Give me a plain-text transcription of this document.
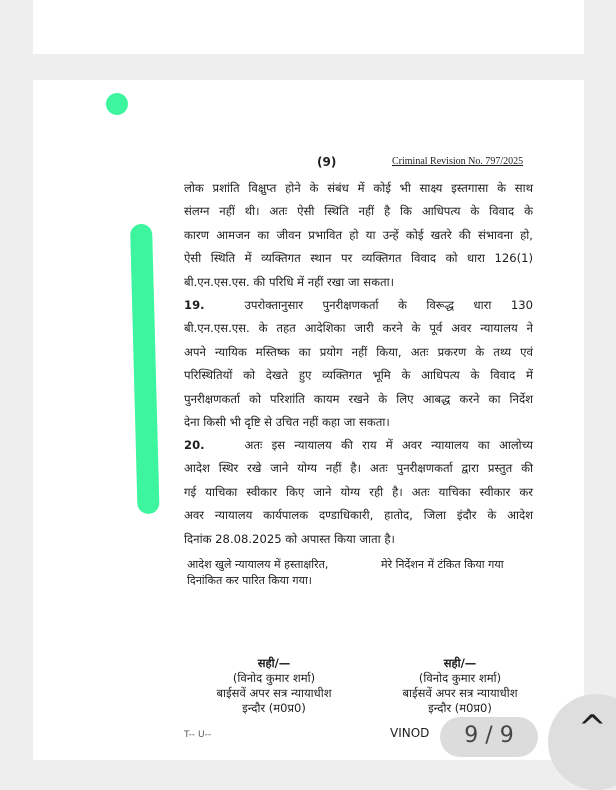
(9)	Criminal Revision No. 797/2025
लोक प्रशांति विक्षुप्त होने के संबंध में कोई भी साक्ष्य इस्तगासा के साथ
संलग्न नहीं थी। अतः ऐसी स्थिति नहीं है कि आधिपत्य के विवाद के
कारण आमजन का जीवन प्रभावित हो या उन्हें कोई खतरे की संभावना हो,
ऐसी स्थिति में व्यक्तिगत स्थान पर व्यक्तिगत विवाद को धारा 126(1)
बी.एन.एस.एस. की परिधि में नहीं रखा जा सकता।
19.	उपरोक्तानुसार पुनरीक्षणकर्ता के विरूद्ध धारा 130
बी.एन.एस.एस. के तहत आदेशिका जारी करने के पूर्व अवर न्यायालय ने
अपने न्यायिक मस्तिष्क का प्रयोग नहीं किया, अतः प्रकरण के तथ्य एवं
परिस्थितियों को देखते हुए व्यक्तिगत भूमि के आधिपत्य के विवाद में
पुनरीक्षणकर्ता को परिशांति कायम रखने के लिए आबद्ध करने का निर्देश
देना किसी भी दृष्टि से उचित नहीं कहा जा सकता।
20.	अतः इस न्यायालय की राय में अवर न्यायालय का आलोच्य
आदेश स्थिर रखे जाने योग्य नहीं है। अतः पुनरीक्षणकर्ता द्वारा प्रस्तुत की
गई याचिका स्वीकार किए जाने योग्य रही है। अतः याचिका स्वीकार कर
अवर न्यायालय कार्यपालक दण्डाधिकारी, हातोद, जिला इंदौर के आदेश
दिनांक 28.08.2025 को अपास्त किया जाता है।
आदेश खुले न्यायालय में हस्ताक्षरित,
दिनांकित कर पारित किया गया।
मेरे निर्देशन में टंकित किया गया
सही/—
(विनोद कुमार शर्मा)
बाईसवें अपर सत्र न्यायाधीश
इन्दौर (म0प्र0)
सही/—
(विनोद कुमार शर्मा)
बाईसवें अपर सत्र न्यायाधीश
इन्दौर (म0प्र0)
T-- U--	VINOD	9 / 9	^
